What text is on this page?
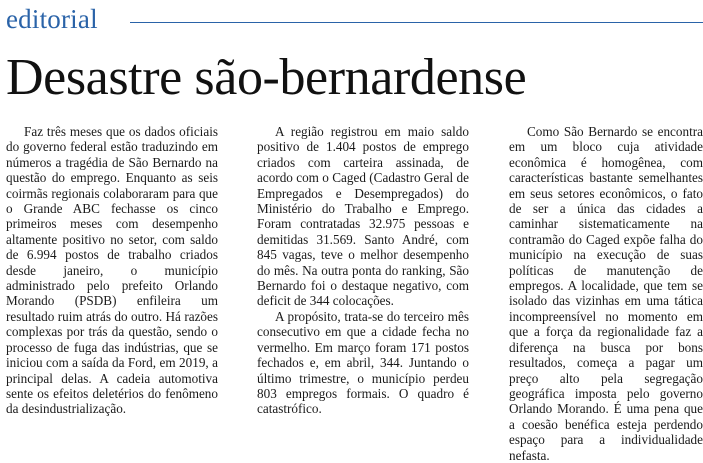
editorial
Desastre são-bernardense

Faz três meses que os dados oficiais do governo federal estão traduzindo em números a tragédia de São Bernardo na questão do emprego. Enquanto as seis coirmãs regionais colaboraram para que o Grande ABC fechasse os cinco primeiros meses com desempenho altamente positivo no setor, com saldo de 6.994 postos de trabalho criados desde janeiro, o município administrado pelo prefeito Orlando Morando (PSDB) enfileira um resultado ruim atrás do outro. Há razões complexas por trás da questão, sendo o processo de fuga das indústrias, que se iniciou com a saída da Ford, em 2019, a principal delas. A cadeia automotiva sente os efeitos deletérios do fenômeno da desindustrialização.

A região registrou em maio saldo positivo de 1.404 postos de emprego criados com carteira assinada, de acordo com o Caged (Cadastro Geral de Empregados e Desempregados) do Ministério do Trabalho e Emprego. Foram contratadas 32.975 pessoas e demitidas 31.569. Santo André, com 845 vagas, teve o melhor desempenho do mês. Na outra ponta do ranking, São Bernardo foi o destaque negativo, com deficit de 344 colocações.

A propósito, trata-se do terceiro mês consecutivo em que a cidade fecha no vermelho. Em março foram 171 postos fechados e, em abril, 344. Juntando o último trimestre, o município perdeu 803 empregos formais. O quadro é catastrófico.

Como São Bernardo se encontra em um bloco cuja atividade econômica é homogênea, com características bastante semelhantes em seus setores econômicos, o fato de ser a única das cidades a caminhar sistematicamente na contramão do Caged expõe falha do município na execução de suas políticas de manutenção de empregos. A localidade, que tem se isolado das vizinhas em uma tática incompreensível no momento em que a força da regionalidade faz a diferença na busca por bons resultados, começa a pagar um preço alto pela segregação geográfica imposta pelo governo Orlando Morando. É uma pena que a coesão benéfica esteja perdendo espaço para a individualidade nefasta.
